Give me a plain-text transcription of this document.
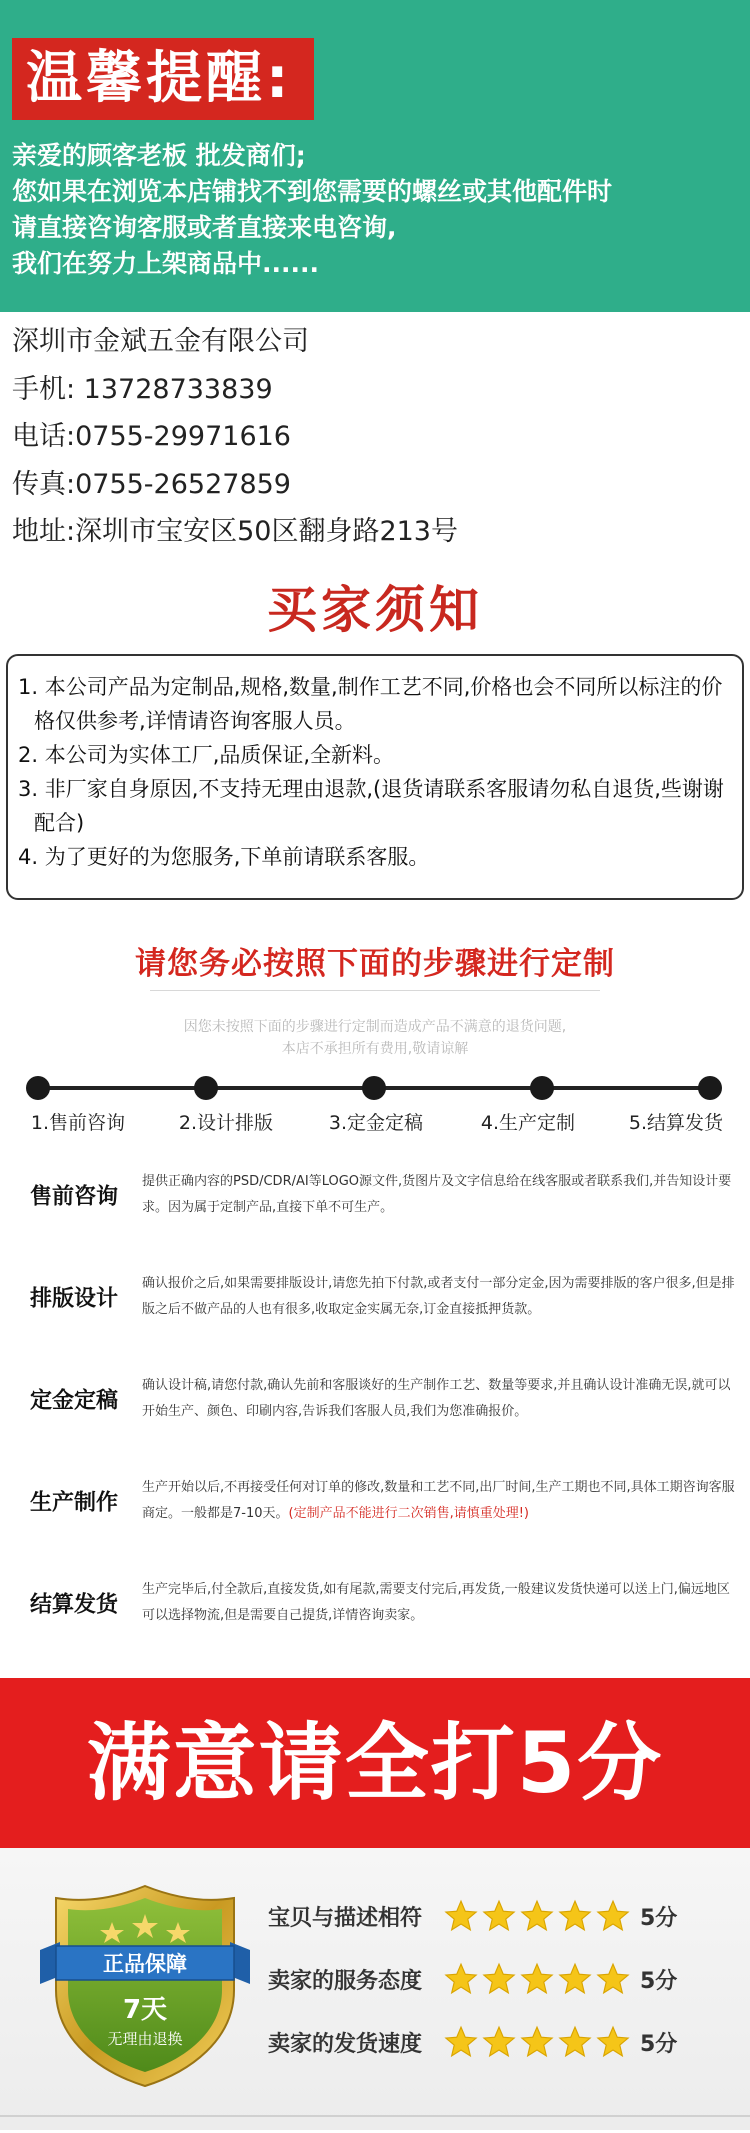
温馨提醒:
亲爱的顾客老板 批发商们;
您如果在浏览本店铺找不到您需要的螺丝或其他配件时
请直接咨询客服或者直接来电咨询,
我们在努力上架商品中......
深圳市金斌五金有限公司
手机: 13728733839
电话:0755-29971616
传真:0755-26527859
地址:深圳市宝安区50区翻身路213号
买家须知
1. 本公司产品为定制品,规格,数量,制作工艺不同,价格也会不同所以标注的价格仅供参考,详情请咨询客服人员。
2. 本公司为实体工厂,品质保证,全新料。
3. 非厂家自身原因,不支持无理由退款,(退货请联系客服请勿私自退货,些谢谢配合)
4. 为了更好的为您服务,下单前请联系客服。
请您务必按照下面的步骤进行定制
因您未按照下面的步骤进行定制而造成产品不满意的退货问题,
本店不承担所有费用,敬请谅解
1.售前咨询	2.设计排版	3.定金定稿	4.生产定制	5.结算发货
售前咨询
提供正确内容的PSD/CDR/AI等LOGO源文件,货图片及文字信息给在线客服或者联系我们,并告知设计要求。因为属于定制产品,直接下单不可生产。
排版设计
确认报价之后,如果需要排版设计,请您先拍下付款,或者支付一部分定金,因为需要排版的客户很多,但是排版之后不做产品的人也有很多,收取定金实属无奈,订金直接抵押货款。
定金定稿
确认设计稿,请您付款,确认先前和客服谈好的生产制作工艺、数量等要求,并且确认设计准确无误,就可以开始生产、颜色、印刷内容,告诉我们客服人员,我们为您准确报价。
生产制作
生产开始以后,不再接受任何对订单的修改,数量和工艺不同,出厂时间,生产工期也不同,具体工期咨询客服商定。一般都是7-10天。(定制产品不能进行二次销售,请慎重处理!)
结算发货
生产完毕后,付全款后,直接发货,如有尾款,需要支付完后,再发货,一般建议发货快递可以送上门,偏远地区可以选择物流,但是需要自己提货,详情咨询卖家。
满意请全打5分
正品保障
7天
无理由退换
宝贝与描述相符	5分
卖家的服务态度	5分
卖家的发货速度	5分
